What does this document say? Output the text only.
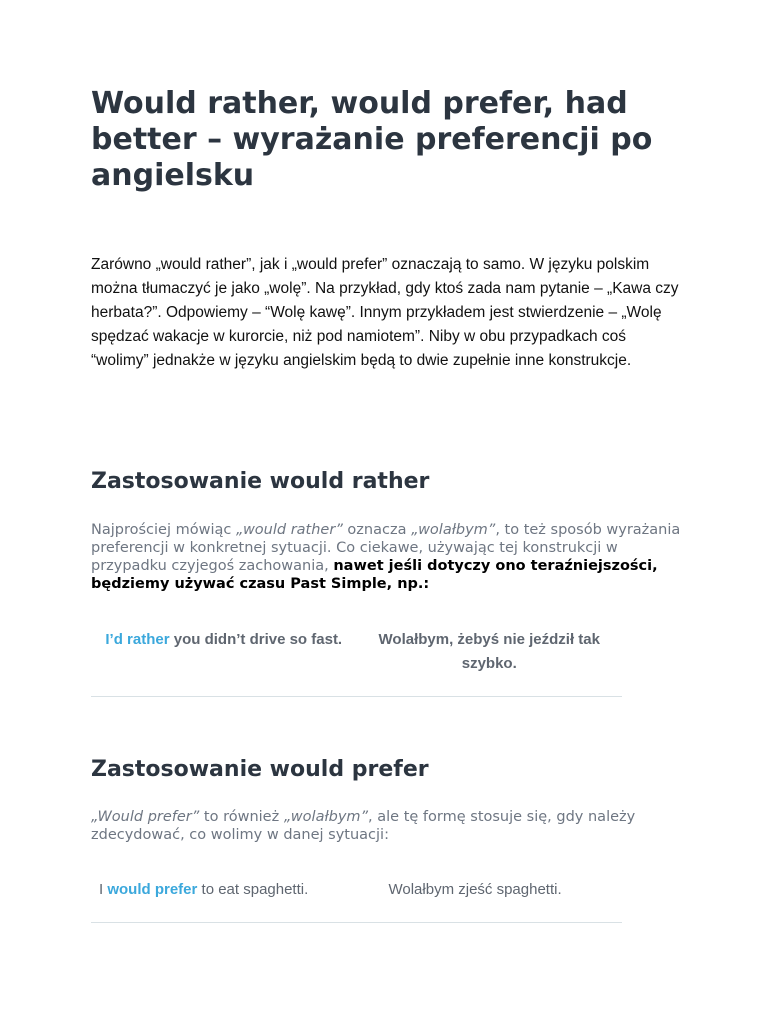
Would rather, would prefer, had better – wyrażanie preferencji po angielsku

Zarówno „would rather”, jak i „would prefer” oznaczają to samo. W języku polskim można tłumaczyć je jako „wolę”. Na przykład, gdy ktoś zada nam pytanie – „Kawa czy herbata?”. Odpowiemy – “Wolę kawę”. Innym przykładem jest stwierdzenie – „Wolę spędzać wakacje w kurorcie, niż pod namiotem”. Niby w obu przypadkach coś “wolimy” jednakże w języku angielskim będą to dwie zupełnie inne konstrukcje.

Zastosowanie would rather

Najprościej mówiąc „would rather” oznacza „wolałbym”, to też sposób wyrażania preferencji w konkretnej sytuacji. Co ciekawe, używając tej konstrukcji w przypadku czyjegoś zachowania, nawet jeśli dotyczy ono teraźniejszości, będziemy używać czasu Past Simple, np.:

I’d rather you didn’t drive so fast.	Wolałbym, żebyś nie jeździł tak szybko.
Zastosowanie would prefer

„Would prefer” to również „wolałbym”, ale tę formę stosuje się, gdy należy zdecydować, co wolimy w danej sytuacji:

I would prefer to eat spaghetti.	Wolałbym zjeść spaghetti.
